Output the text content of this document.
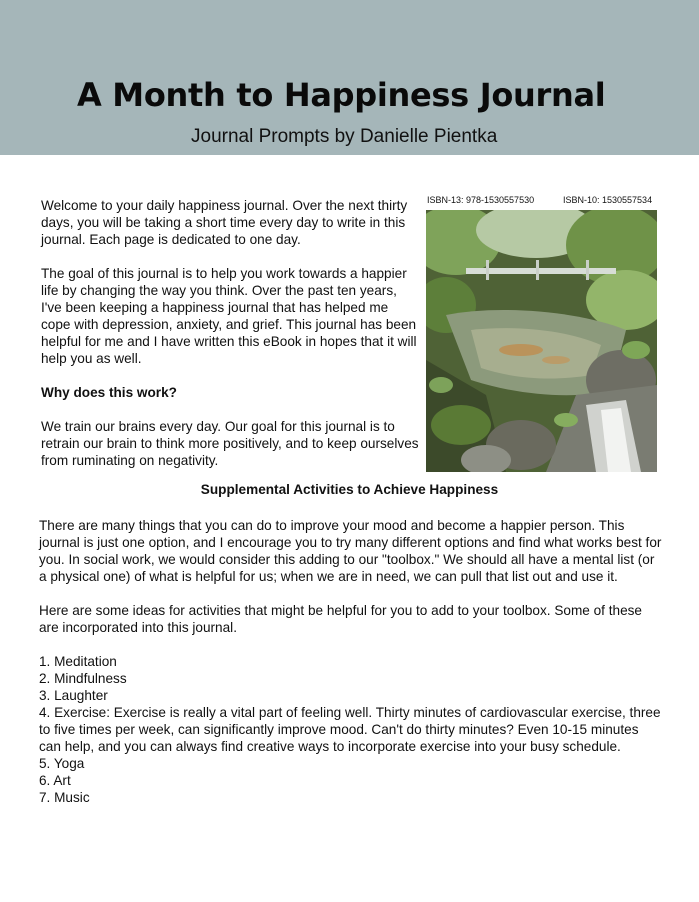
A Month to Happiness Journal
Journal Prompts by Danielle Pientka

Welcome to your daily happiness journal. Over the next thirty days, you will be taking a short time every day to write in this journal. Each page is dedicated to one day.

The goal of this journal is to help you work towards a happier life by changing the way you think. Over the past ten years, I've been keeping a happiness journal that has helped me cope with depression, anxiety, and grief. This journal has been helpful for me and I have written this eBook in hopes that it will help you as well.

Why does this work?

We train our brains every day. Our goal for this journal is to retrain our brain to think more positively, and to keep ourselves from ruminating on negativity.

ISBN-13: 978-1530557530	ISBN-10: 1530557534
Supplemental Activities to Achieve Happiness

There are many things that you can do to improve your mood and become a happier person. This journal is just one option, and I encourage you to try many different options and find what works best for you. In social work, we would consider this adding to our "toolbox." We should all have a mental list (or a physical one) of what is helpful for us; when we are in need, we can pull that list out and use it.

Here are some ideas for activities that might be helpful for you to add to your toolbox. Some of these are incorporated into this journal.

1. Meditation
2. Mindfulness
3. Laughter
4. Exercise: Exercise is really a vital part of feeling well. Thirty minutes of cardiovascular exercise, three to five times per week, can significantly improve mood. Can't do thirty minutes? Even 10-15 minutes can help, and you can always find creative ways to incorporate exercise into your busy schedule.
5. Yoga
6. Art
7. Music
